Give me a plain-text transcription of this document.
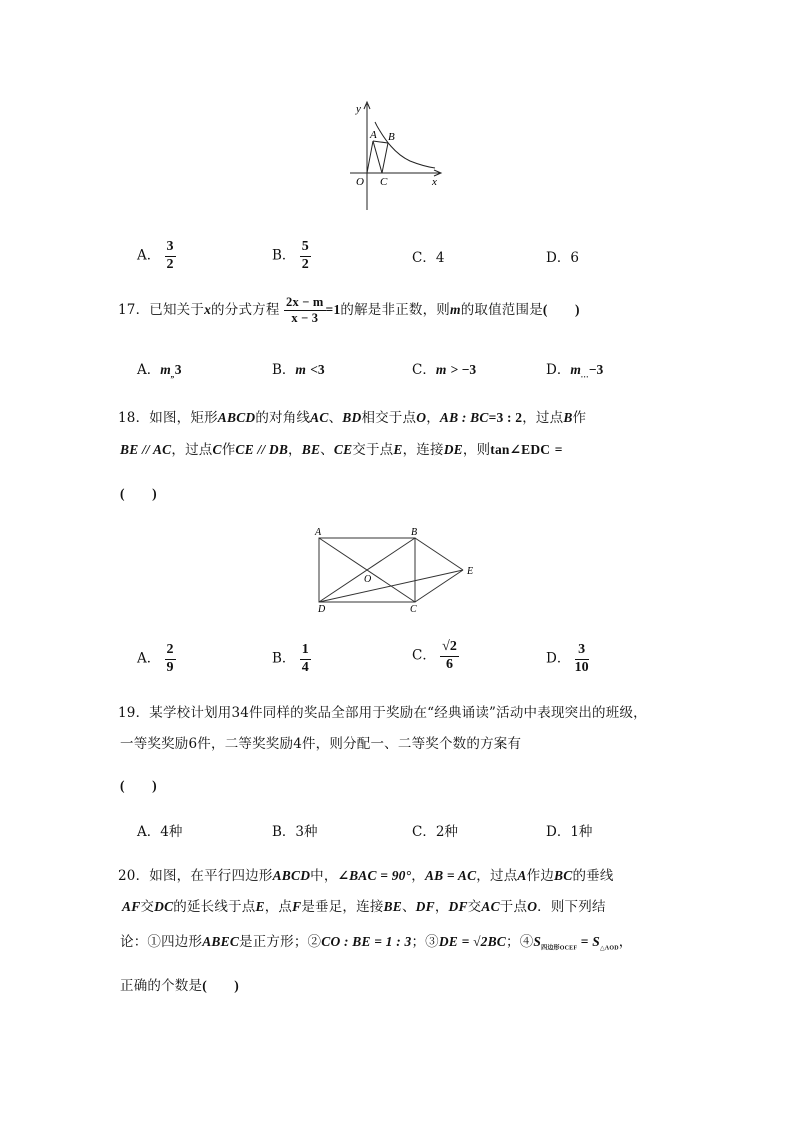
y
A B
O C	x
A． $\frac{3}{2}$	B． $\frac{5}{2}$	C．4	D．6
17．已知关于x的分式方程 $\frac{2x - m}{x - 3} =1$的解是非正数，则m的取值范围是(　　)
A．$m_„3$	B．m <3	C．m > −3	D．$m_\dots-3$
18．如图，矩形ABCD的对角线AC、BD相交于点O，AB : BC=3 : 2，过点B作
BE // AC，过点C作CE // DB，BE、CE交于点E，连接DE，则tan∠EDC =
(　　)
A	B
O
E
D	C
A． $\frac{2}{9}$	B． $\frac{1}{4}$	C． $\frac{√2}{6}$	D． $\frac{3}{10}$
19．某学校计划用34件同样的奖品全部用于奖励在“经典诵读”活动中表现突出的班级，
一等奖奖励6件，二等奖奖励4件，则分配一、二等奖个数的方案有
(　　)
A．4种	B．3种	C．2种	D．1种
20．如图，在平行四边形ABCD中，∠BAC = 90°，AB = AC，过点A作边BC的垂线
AF交DC的延长线于点E，点F是垂足，连接BE、DF，DF交AC于点O．则下列结
论：①四边形ABEC是正方形；②CO : BE = 1 : 3；③DE = √2BC；$④S_{四边形OCEF} = S_{\triangle AOD}$，
正确的个数是(　　)
